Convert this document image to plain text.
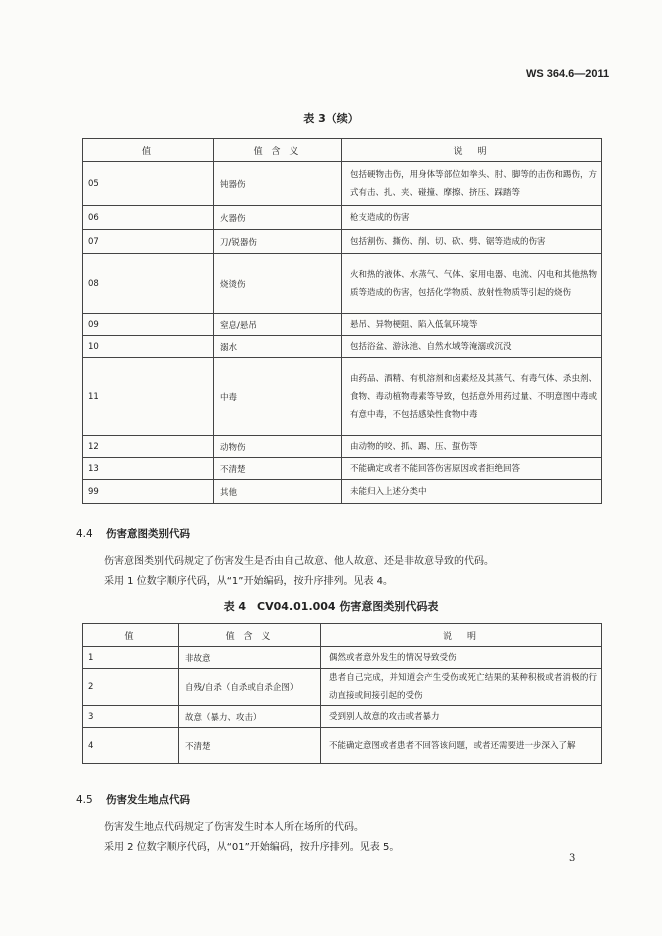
WS 364.6—2011
表 3（续）
值	值 含 义	说　明
05	钝器伤	包括硬物击伤，用身体等部位如拳头、肘、脚等的击伤和踢伤，方式有击、扎、夹、碰撞、摩擦、挤压、踩踏等
06	火器伤	枪支造成的伤害
07	刀/锐器伤	包括割伤、撕伤、削、切、砍、劈、锯等造成的伤害
08	烧烫伤	火和热的液体、水蒸气、气体、家用电器、电流、闪电和其他热物质等造成的伤害，包括化学物质、放射性物质等引起的烧伤
09	窒息/悬吊	悬吊、异物梗阻、陷入低氧环境等
10	溺水	包括浴盆、游泳池、自然水域等淹溺或沉没
11	中毒	由药品、酒精、有机溶剂和卤素烃及其蒸气、有毒气体、杀虫剂、食物、毒动植物毒素等导致，包括意外用药过量、不明意图中毒或有意中毒，不包括感染性食物中毒
12	动物伤	由动物的咬、抓、踢、压、蜇伤等
13	不清楚	不能确定或者不能回答伤害原因或者拒绝回答
99	其他	未能归入上述分类中
4.4 伤害意图类别代码
伤害意图类别代码规定了伤害发生是否由自己故意、他人故意、还是非故意导致的代码。
采用 1 位数字顺序代码，从“1”开始编码，按升序排列。见表 4。
表 4　CV04.01.004 伤害意图类别代码表
值	值 含 义	说　明
1	非故意	偶然或者意外发生的情况导致受伤
2	自残/自杀（自杀或自杀企图）	患者自己完成，并知道会产生受伤或死亡结果的某种积极或者消极的行动直接或间接引起的受伤
3	故意（暴力、攻击）	受到别人故意的攻击或者暴力
4	不清楚	不能确定意图或者患者不回答该问题，或者还需要进一步深入了解
4.5 伤害发生地点代码
伤害发生地点代码规定了伤害发生时本人所在场所的代码。
采用 2 位数字顺序代码，从“01”开始编码，按升序排列。见表 5。
3
